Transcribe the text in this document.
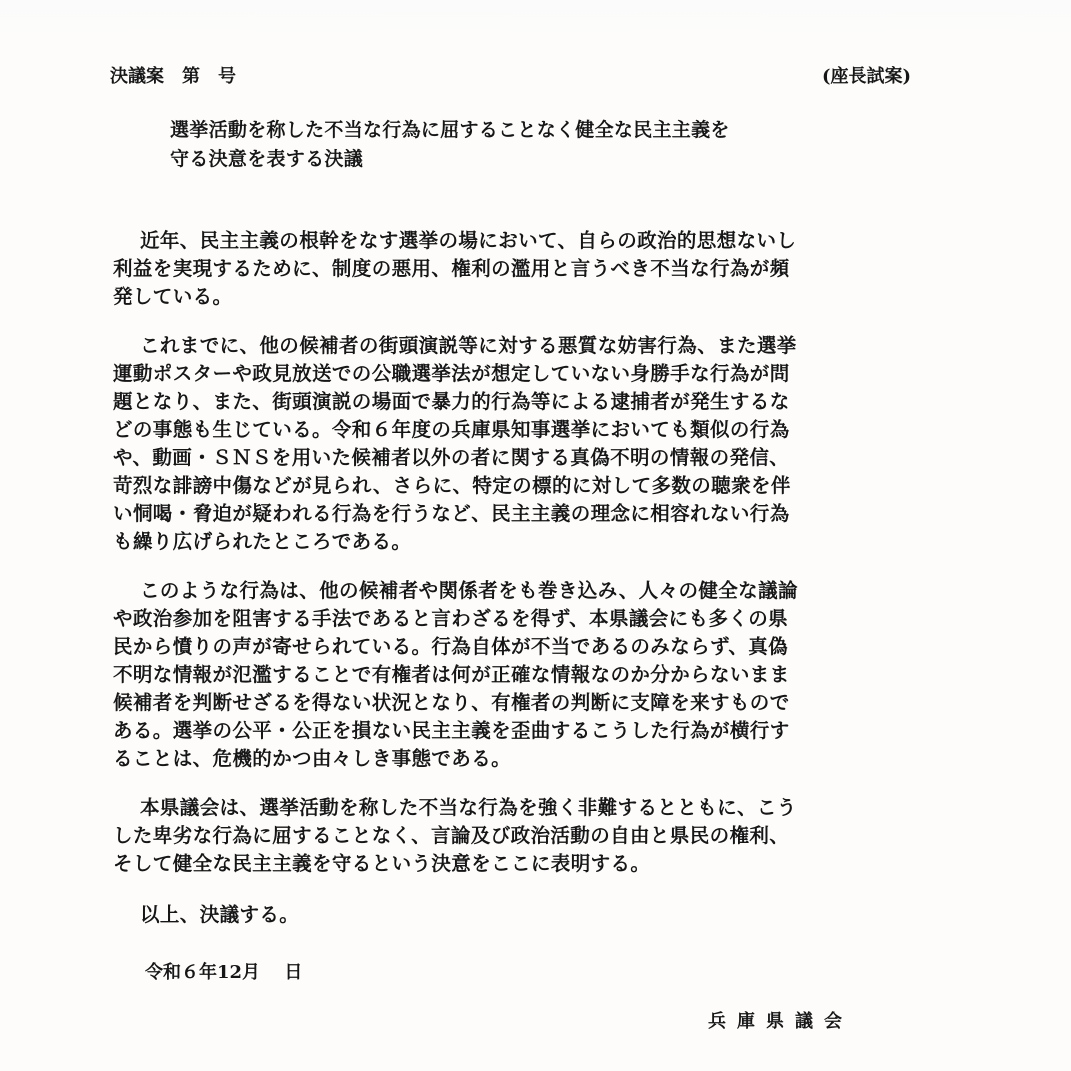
決議案　第　号	(座長試案)
選挙活動を称した不当な行為に屈することなく健全な民主主義を
守る決意を表する決議
近年、民主主義の根幹をなす選挙の場において、自らの政治的思想ないし
利益を実現するために、制度の悪用、権利の濫用と言うべき不当な行為が頻
発している。
これまでに、他の候補者の街頭演説等に対する悪質な妨害行為、また選挙
運動ポスターや政見放送での公職選挙法が想定していない身勝手な行為が問
題となり、また、街頭演説の場面で暴力的行為等による逮捕者が発生するな
どの事態も生じている。令和６年度の兵庫県知事選挙においても類似の行為
や、動画・ＳＮＳを用いた候補者以外の者に関する真偽不明の情報の発信、
苛烈な誹謗中傷などが見られ、さらに、特定の標的に対して多数の聴衆を伴
い恫喝・脅迫が疑われる行為を行うなど、民主主義の理念に相容れない行為
も繰り広げられたところである。
このような行為は、他の候補者や関係者をも巻き込み、人々の健全な議論
や政治参加を阻害する手法であると言わざるを得ず、本県議会にも多くの県
民から憤りの声が寄せられている。行為自体が不当であるのみならず、真偽
不明な情報が氾濫することで有権者は何が正確な情報なのか分からないまま
候補者を判断せざるを得ない状況となり、有権者の判断に支障を来すもので
ある。選挙の公平・公正を損ない民主主義を歪曲するこうした行為が横行す
ることは、危機的かつ由々しき事態である。
本県議会は、選挙活動を称した不当な行為を強く非難するとともに、こう
した卑劣な行為に屈することなく、言論及び政治活動の自由と県民の権利、
そして健全な民主主義を守るという決意をここに表明する。
以上、決議する。
令和６年12月　 日
兵庫県議会
